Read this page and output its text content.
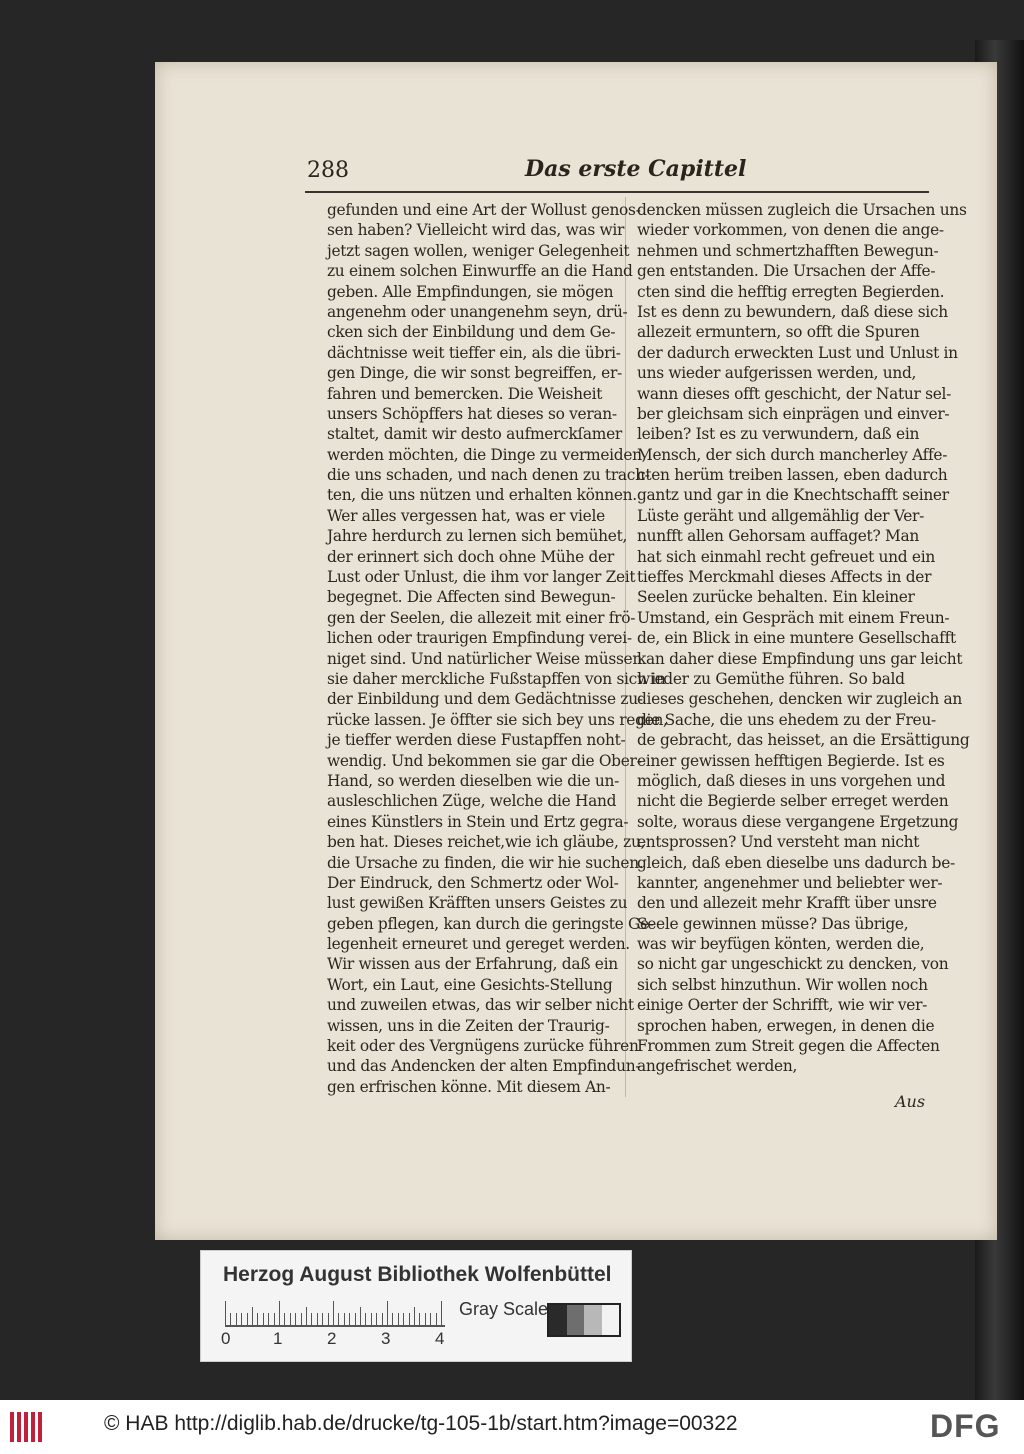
288	Das erste Capittel
gefunden und eine Art der Wollust genos-
sen haben? Vielleicht wird das, was wir
jetzt sagen wollen, weniger Gelegenheit
zu einem solchen Einwurffe an die Hand
geben. Alle Empfindungen, sie mögen
angenehm oder unangenehm seyn, drü-
cken sich der Einbildung und dem Ge-
dächtnisse weit tieffer ein, als die übri-
gen Dinge, die wir sonst begreiffen, er-
fahren und bemercken. Die Weisheit
unsers Schöpffers hat dieses so veran-
staltet, damit wir desto aufmerckſamer
werden möchten, die Dinge zu vermeiden,
die uns schaden, und nach denen zu trach-
ten, die uns nützen und erhalten können.
Wer alles vergessen hat, was er viele
Jahre herdurch zu lernen sich bemühet,
der erinnert sich doch ohne Mühe der
Lust oder Unlust, die ihm vor langer Zeit
begegnet. Die Affecten sind Bewegun-
gen der Seelen, die allezeit mit einer frö-
lichen oder traurigen Empfindung verei-
niget sind. Und natürlicher Weise müssen
sie daher merckliche Fußstapffen von sich in
der Einbildung und dem Gedächtnisse zu-
rücke lassen. Je öffter sie sich bey uns regen,
je tieffer werden diese Fustapffen noht-
wendig. Und bekommen sie gar die Ober-
Hand, so werden dieselben wie die un-
ausleschlichen Züge, welche die Hand
eines Künstlers in Stein und Ertz gegra-
ben hat. Dieses reichet,wie ich gläube, zu,
die Ursache zu finden, die wir hie suchen.
Der Eindruck, den Schmertz oder Wol-
lust gewißen Kräfften unsers Geistes zu
geben pflegen, kan durch die geringste Ge-
legenheit erneuret und gereget werden.
Wir wissen aus der Erfahrung, daß ein
Wort, ein Laut, eine Gesichts-Stellung
und zuweilen etwas, das wir selber nicht
wissen, uns in die Zeiten der Traurig-
keit oder des Vergnügens zurücke führen
und das Andencken der alten Empfindun-
gen erfrischen könne. Mit diesem An-
dencken müssen zugleich die Ursachen uns
wieder vorkommen, von denen die ange-
nehmen und schmertzhafften Bewegun-
gen entstanden. Die Ursachen der Affe-
cten sind die hefftig erregten Begierden.
Ist es denn zu bewundern, daß diese sich
allezeit ermuntern, so offt die Spuren
der dadurch erweckten Lust und Unlust in
uns wieder aufgerissen werden, und,
wann dieses offt geschicht, der Natur sel-
ber gleichsam sich einprägen und einver-
leiben? Ist es zu verwundern, daß ein
Mensch, der sich durch mancherley Affe-
cten herüm treiben lassen, eben dadurch
gantz und gar in die Knechtschafft seiner
Lüste geräht und allgemählig der Ver-
nunfft allen Gehorsam auffaget? Man
hat sich einmahl recht gefreuet und ein
tieffes Merckmahl dieses Affects in der
Seelen zurücke behalten. Ein kleiner
Umstand, ein Gespräch mit einem Freun-
de, ein Blick in eine muntere Gesellschafft
kan daher diese Empfindung uns gar leicht
wieder zu Gemüthe führen. So bald
dieses geschehen, dencken wir zugleich an
die Sache, die uns ehedem zu der Freu-
de gebracht, das heisset, an die Ersättigung
einer gewissen hefftigen Begierde. Ist es
möglich, daß dieses in uns vorgehen und
nicht die Begierde selber erreget werden
solte, woraus diese vergangene Ergetzung
entsprossen? Und versteht man nicht
gleich, daß eben dieselbe uns dadurch be-
kannter, angenehmer und beliebter wer-
den und allezeit mehr Krafft über unsre
Seele gewinnen müsse? Das übrige,
was wir beyfügen könten, werden die,
so nicht gar ungeschickt zu dencken, von
sich selbst hinzuthun. Wir wollen noch
einige Oerter der Schrifft, wie wir ver-
sprochen haben, erwegen, in denen die
Frommen zum Streit gegen die Affecten
angefrischet werden,
Aus
Herzog August Bibliothek Wolfenbüttel
0	1	2	3	4
Gray Scale
© HAB http://diglib.hab.de/drucke/tg-105-1b/start.htm?image=00322	DFG
